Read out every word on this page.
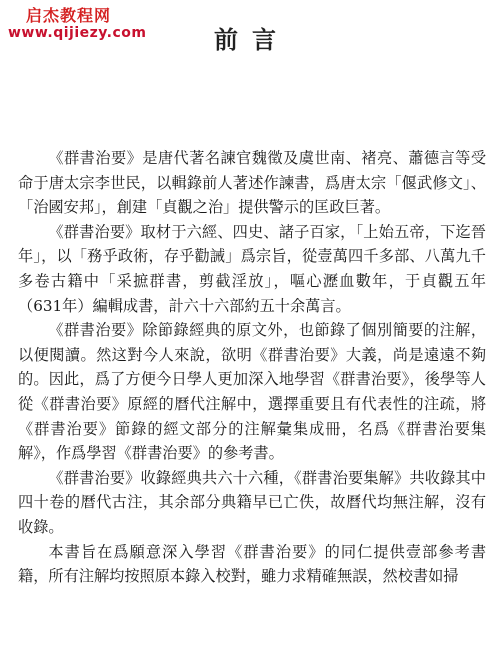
启杰教程网
www.qijiezy.com	前言

《群書治要》是唐代著名諫官魏徵及虞世南、褚亮、蕭德言等受命于唐太宗李世民，以輯錄前人著述作諫書，爲唐太宗「偃武修文」、「治國安邦」，創建「貞觀之治」提供警示的匡政巨著。

《群書治要》取材于六經、四史、諸子百家，「上始五帝，下迄晉年」，以「務乎政術，存乎勸誡」爲宗旨，從壹萬四千多部、八萬九千多卷古籍中「采摭群書，剪截淫放」，嘔心瀝血數年，于貞觀五年（631年）編輯成書，計六十六部約五十余萬言。

《群書治要》除節錄經典的原文外，也節錄了個別簡要的注解，以便閱讀。然这對今人來說，欲明《群書治要》大義，尚是遠遠不夠的。因此，爲了方便今日學人更加深入地學習《群書治要》，後學等人從《群書治要》原經的曆代注解中，選擇重要且有代表性的注疏，將《群書治要》節錄的經文部分的注解彙集成冊，名爲《群書治要集解》，作爲學習《群書治要》的參考書。

《群書治要》收錄經典共六十六種，《群書治要集解》共收錄其中四十卷的曆代古注，其余部分典籍早已亡佚，故曆代均無注解，沒有收錄。

本書旨在爲願意深入學習《群書治要》的同仁提供壹部參考書籍，所有注解均按照原本錄入校對，雖力求精確無誤，然校書如掃
